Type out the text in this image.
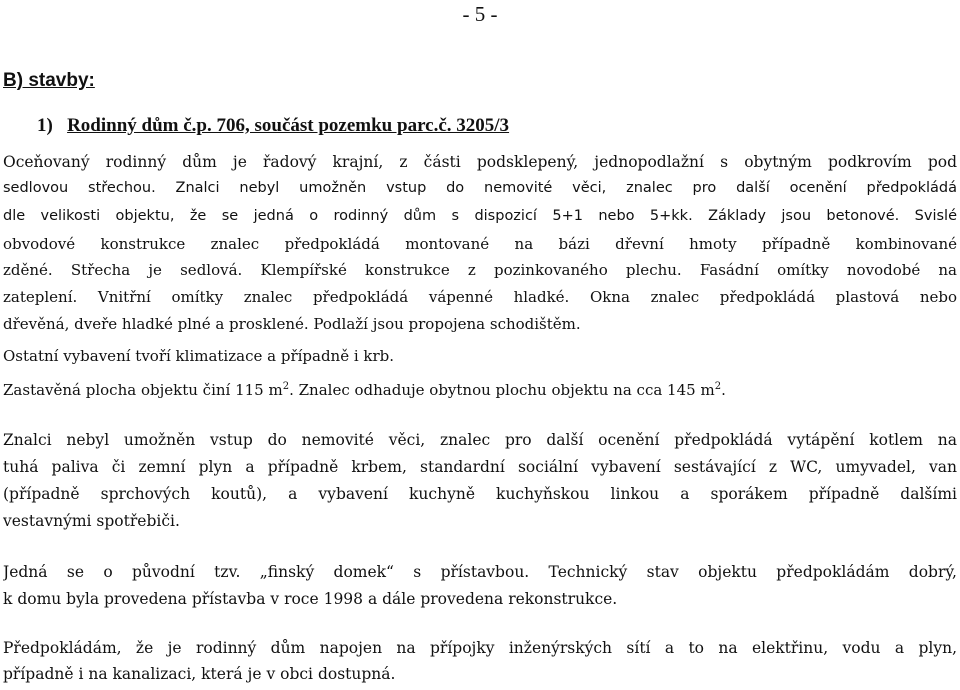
- 5 -
B) stavby:
1) Rodinný dům č.p. 706, součást pozemku parc.č. 3205/3
Oceňovaný rodinný dům je řadový krajní, z části podsklepený, jednopodlažní s obytným podkrovím pod
sedlovou střechou. Znalci nebyl umožněn vstup do nemovité věci, znalec pro další ocenění předpokládá
dle velikosti objektu, že se jedná o rodinný dům s dispozicí 5+1 nebo 5+kk. Základy jsou betonové. Svislé
obvodové konstrukce znalec předpokládá montované na bázi dřevní hmoty případně kombinované
zděné. Střecha je sedlová. Klempířské konstrukce z pozinkovaného plechu. Fasádní omítky novodobé na
zateplení. Vnitřní omítky znalec předpokládá vápenné hladké. Okna znalec předpokládá plastová nebo
dřevěná, dveře hladké plné a prosklené. Podlaží jsou propojena schodištěm.
Ostatní vybavení tvoří klimatizace a případně i krb.
Zastavěná plocha objektu činí 115 $m^2$. Znalec odhaduje obytnou plochu objektu na cca 145 $m^2$.
Znalci nebyl umožněn vstup do nemovité věci, znalec pro další ocenění předpokládá vytápění kotlem na
tuhá paliva či zemní plyn a případně krbem, standardní sociální vybavení sestávající z WC, umyvadel, van
(případně sprchových koutů), a vybavení kuchyně kuchyňskou linkou a sporákem případně dalšími
vestavnými spotřebiči.
Jedná se o původní tzv. „finský domek“ s přístavbou. Technický stav objektu předpokládám dobrý,
k domu byla provedena přístavba v roce 1998 a dále provedena rekonstrukce.
Předpokládám, že je rodinný dům napojen na přípojky inženýrských sítí a to na elektřinu, vodu a plyn,
případně i na kanalizaci, která je v obci dostupná.
